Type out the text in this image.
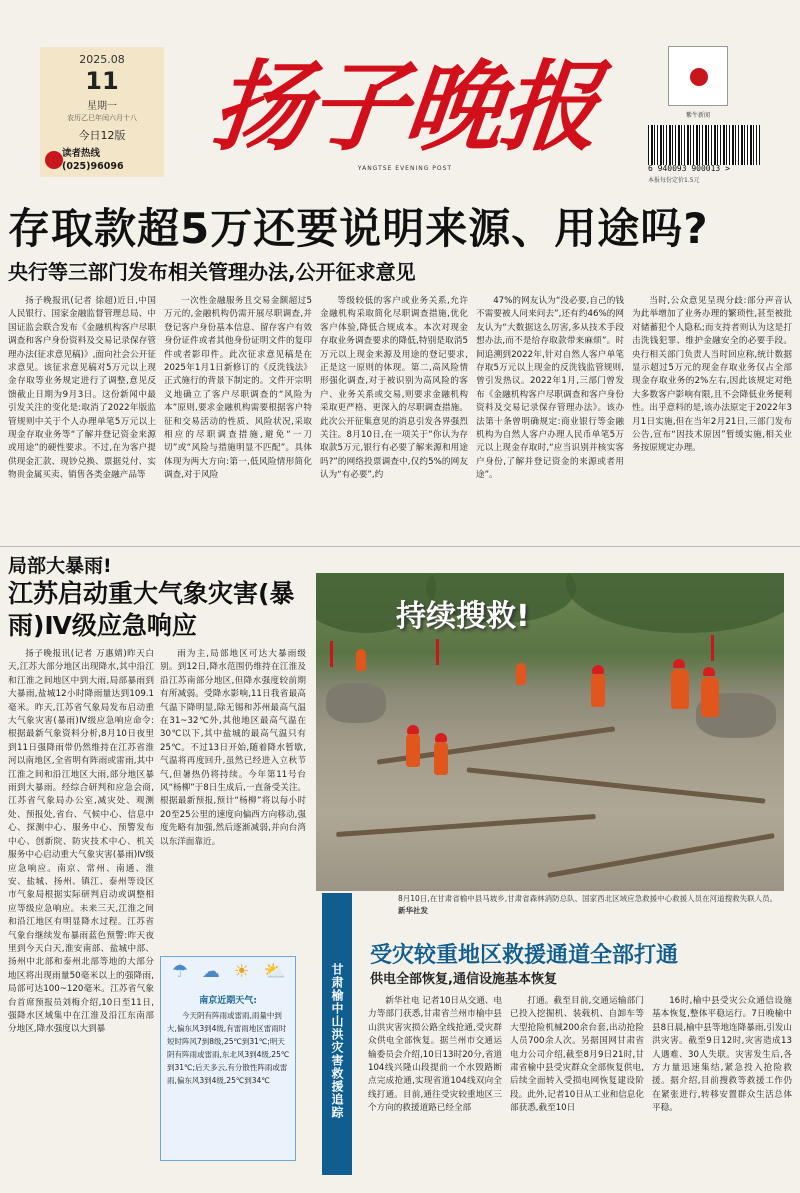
2025.08
11
星期一
农历乙巳年闰六月十八
今日12版
读者热线
(025)96096
扬子晚报
YANGTSE EVENING POST
紫牛新闻
6 940093 900013 >
本报每份定价1.5元
存取款超5万还要说明来源、用途吗?
央行等三部门发布相关管理办法,公开征求意见

扬子晚报讯(记者 徐超)近日,中国人民银行、国家金融监督管理总局、中国证监会联合发布《金融机构客户尽职调查和客户身份资料及交易记录保存管理办法(征求意见稿)》,面向社会公开征求意见。该征求意见稿对5万元以上现金存取等业务规定进行了调整,意见反馈截止日期为9月3日。这份新闻中最引发关注的变化是:取消了2022年版监管规则中关于个人办理单笔5万元以上现金存取业务等“了解并登记资金来源或用途”的硬性要求。不过,在为客户提供现金汇款、现钞兑换、票据兑付、实物贵金属买卖、销售各类金融产品等

一次性金融服务且交易金额超过5万元的,金融机构仍需开展尽职调查,并登记客户身份基本信息、留存客户有效身份证件或者其他身份证明文件的复印件或者影印件。此次征求意见稿是在2025年1月1日新修订的《反洗钱法》正式施行的背景下制定的。文件开宗明义地确立了客户尽职调查的“风险为本”原则,要求金融机构需要根据客户特征和交易活动的性质、风险状况,采取相应的尽职调查措施,避免“一刀切”或“风险与措施明显不匹配”。具体体现为两大方向:第一,低风险情形简化调查,对于风险

等级较低的客户或业务关系,允许金融机构采取简化尽职调查措施,优化客户体验,降低合规成本。本次对现金存取业务调查要求的降低,特别是取消5万元以上现金来源及用途的登记要求,正是这一原则的体现。第二,高风险情形强化调查,对于被识别为高风险的客户、业务关系或交易,则要求金融机构采取更严格、更深入的尽职调查措施。此次公开征集意见的消息引发各界强烈关注。8月10日,在一项关于“你认为存取款5万元,银行有必要了解来源和用途吗?”的网络投票调查中,仅约5%的网友认为“有必要”,约

47%的网友认为“没必要,自己的钱不需要被人问来问去”,还有约46%的网友认为“大数据这么厉害,多从技术手段想办法,而不是给存取款带来麻烦”。时间追溯到2022年,针对自然人客户单笔存取5万元以上现金的反洗钱监管规则,曾引发热议。2022年1月,三部门曾发布《金融机构客户尽职调查和客户身份资料及交易记录保存管理办法》。该办法第十条曾明确规定:商业银行等金融机构为自然人客户办理人民币单笔5万元以上现金存取时,“应当识别并核实客户身份,了解并登记资金的来源或者用途”。

当时,公众意见呈现分歧:部分声音认为此举增加了业务办理的繁琐性,甚至被批对储蓄犯个人隐私;而支持者则认为这是打击洗钱犯罪、维护金融安全的必要手段。央行相关部门负责人当时回应称,统计数据显示超过5万元的现金存取业务仅占全部现金存取业务的2%左右,因此该规定对绝大多数客户影响有限,且不会降低业务便利性。出乎意料的是,该办法原定于2022年3月1日实施,但在当年2月21日,三部门发布公告,宣布“因技术原因”暂缓实施,相关业务按原规定办理。

局部大暴雨!
江苏启动重大气象灾害(暴雨)Ⅳ级应急响应

扬子晚报讯(记者 万惠婧)昨天白天,江苏大部分地区出现降水,其中沿江和江淮之间地区中到大雨,局部暴雨到大暴雨,盐城12小时降雨量达到109.1毫米。昨天,江苏省气象局发布启动重大气象灾害(暴雨)Ⅳ级应急响应命令:根据最新气象资料分析,8月10日夜里到11日强降雨带仍然维持在江苏省淮河以南地区,全省明有阵雨或雷雨,其中江淮之间和沿江地区大雨,部分地区暴雨到大暴雨。经综合研判和应急会商,江苏省气象局办公室,减灾处、观测处、预报处,省台、气候中心、信息中心、探测中心、服务中心、预警发布中心、创新院、防灾技术中心、机关服务中心启动重大气象灾害(暴雨)Ⅳ级应急响应。南京、常州、南通、淮安、盐城、扬州、镇江、泰州等设区市气象局根据实际研判启动或调整相应等级应急响应。未来三天,江淮之间和沿江地区有明显降水过程。江苏省气象台继续发布暴雨蓝色预警:昨天夜里到今天白天,淮安南部、盐城中部、扬州中北部和泰州北部等地的大部分地区将出现雨量50毫米以上的强降雨,局部可达100~120毫米。江苏省气象台首席预报员刘梅介绍,10日至11日,强降水区域集中在江淮及沿江东南部分地区,降水强度以大到暴

雨为主,局部地区可达大暴雨级别。到12日,降水范围仍维持在江淮及沿江苏南部分地区,但降水强度较前期有所减弱。受降水影响,11日我省最高气温下降明显,除无锡和苏州最高气温在31~32℃外,其他地区最高气温在30℃以下,其中盐城的最高气温只有25℃。不过13日开始,随着降水暂歇,气温将再度回升,虽然已经进入立秋节气,但暑热仍将持续。今年第11号台风“杨柳”于8日生成后,一直备受关注。根据最新预报,预计“杨柳”将以每小时20至25公里的速度向偏西方向移动,强度先略有加强,然后逐渐减弱,并向台湾以东洋面靠近。

☂ ☁ ☀ ⛅
南京近期天气:
今天阴有阵雨或雷雨,雨量中到大,偏东风3到4级,有雷雨地区雷雨时短时阵风7到8级,25℃到31℃;明天阴有阵雨或雷雨,东北风3到4级,25℃到31℃;后天多云,有分散性阵雨或雷雨,偏东风3到4级,25℃到34℃
持续搜救!
8月10日,在甘肃省榆中县马坡乡,甘肃省森林消防总队、国家西北区域应急救援中心救援人员在河道搜救失联人员。 新华社发
甘肃榆中山洪灾害救援追踪
受灾较重地区救援通道全部打通
供电全部恢复,通信设施基本恢复

新华社电 记者10日从交通、电力等部门获悉,甘肃省兰州市榆中县山洪灾害灾损公路全线抢通,受灾群众供电全部恢复。据兰州市交通运输委员会介绍,10日13时20分,省道104线兴隆山段提前一个水毁路断点完成抢通,实现省道104线双向全线打通。目前,通往受灾较重地区三个方向的救援道路已经全部

打通。截至目前,交通运输部门已投入挖掘机、装载机、自卸车等大型抢险机械200余台套,出动抢险人员700余人次。另据国网甘肃省电力公司介绍,截至8月9日21时,甘肃省榆中县受灾群众全部恢复供电,后续全面转入受损电网恢复建设阶段。此外,记者10日从工业和信息化部获悉,截至10日

16时,榆中县受灾公众通信设施基本恢复,整体平稳运行。7日晚榆中县8日晨,榆中县等地连降暴雨,引发山洪灾害。截至9日12时,灾害造成13人遇难、30人失联。灾害发生后,各方力量迅速集结,紧急投入抢险救援。据介绍,目前搜救等救援工作仍在紧张进行,转移安置群众生活总体平稳。
